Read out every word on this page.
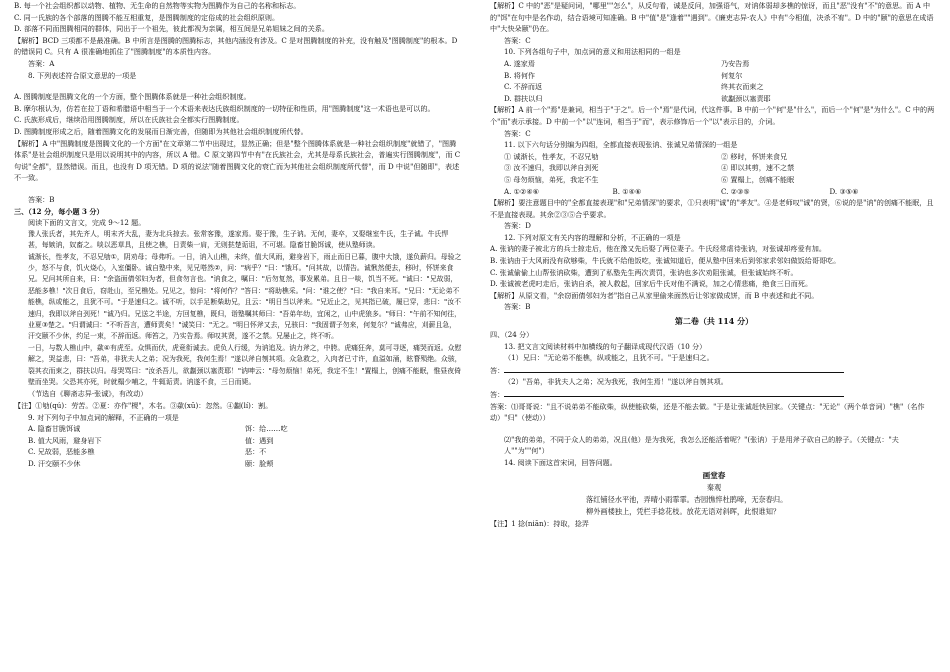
B. 每一个社会组织都以动物、植物、无生命的自然物等实物为图腾作为自己的名称和标志。

C. 同一氏族的各个部落的图腾不能互相重复，是图腾制度的定俗成的社会组织原则。

D. 部落不同而图腾相同的群体，同出于一个祖先，彼此都视为亲属，相互间是兄弟姐妹之间的关系。

【解析】BCD 三项都不是最准确。B 中所言是图腾的图腾标志，其他内涵没有涉及。C 是对图腾制度的补充，没有触及"图腾制度"的根本。D 的错误同 C。只有 A 很准确地抓住了"图腾制度"的本质性内容。

答案：A

8. 下列表述符合原文意思的一项是

A. 图腾制度是图腾文化的一个方面，整个图腾体系就是一种社会组织制度。

B. 摩尔根认为，仿若在拉丁语和希腊语中相当于一个术语来表达氏族组织制度的一切特征和性质，用"图腾制度"这一术语也是可以的。

C. 氏族形成后，继续沿用图腾制度，所以在氏族社会全都实行图腾制度。

D. 图腾制度形成之后，随着图腾文化的发展而日渐完善，但随即为其他社会组织制度所代替。

【解析】A 中"图腾制度是图腾文化的一个方面"在文章第二节中出现过，显然正确；但是"整个图腾体系就是一种社会组织制度"就错了，"图腾体系"是社会组织制度只是用以说明其中的内容，所以 A 错。C 原文第四节中有"在氏族社会，尤其是母系氏族社会，普遍实行图腾制度"，而 C 句说"全都"，显然错误。而且，也没有 D 项无错。D 项的说法"随着图腾文化的衰亡而为其他社会组织制度所代替"，而 D 中说"但随即"，表述不一致。

答案：B

三、（12 分，每小题 3 分）

阅读下面的文言文，完成 9～12 题。

豫人张氏者，其先齐人，明末齐大乱，妻为北兵掠去。张常客豫，遂家焉。娶于豫，生子讷。无何，妻卒，又娶继室牛氏，生子诚。牛氏悍甚，每嫉讷，奴畜之。啖以恶草具，且使之樵，日责柴一肩，无则挞楚诟诅，不可堪。隐畜甘脆饵诚，使从塾师读。

诚渐长，性孝友，不忍兄劬①，阴劝母；母弗听。一日，讷入山樵，未终，值大风雨，避身岩下，雨止而日已暮，腹中大饿，遂负薪归。母验之少，怒不与食，饥火烧心，入室僵卧。诚自塾中来，见兄嗒然②，问："病乎？"曰："饿耳。"问其故，以情告。诚愀然便去，移时，怀饼来食兄。兄问其所自来，曰："余盗面倩邻妇为者，但食勿言也。"讷食之，嘱曰："后勿复然，事发累弟。且日一啖，饥当不死。"诚曰："兄故弱，恶能多樵！"次日食后，窃赴山，至兄樵处。兄见之，惊问："将何作？"答曰："将助樵采。"问："谁之使？"曰："我自来耳。"兄曰："无论弟不能樵，纵或能之，且犹不可。"于是速归之。诚不听，以手足断柴助兄，且云："明日当以斧来。"兄近止之，见其指已破，履已穿，悲曰："汝不速归，我即以斧自刭死！"诚乃归。兄送之半途，方回复樵，既归，诣塾嘱其师曰："吾弟年幼，宜闲之，山中虎狼多。"师曰："午前不知何往，业夏③楚之。"归谓诚曰："不听吾言，遭师责矣！"诚笑曰："无之。"明日怀斧又去，兄骇曰："我固谓子勿来，何复尔？"诚弗应，刈薪且急，汗交颐不少休，约足一束，不辞而返。师笞之，乃实告焉。师叹其贤，遂不之禁。兄屡止之，终不听。

一日，与数人樵山中，歘④有虎至。众惧而伏，虎竟衔诚去。虎负人行缓，为讷追及。讷力斧之，中胯。虎痛狂奔，莫可寻逐，痛哭而返。众慰解之，哭益悲，曰："吾弟，非犹夫人之弟；况为我死，我何生焉！"遂以斧自刎其项。众急救之，入肉者已寸许，血溢如涌，眩瞀殒绝。众骇，裂其衣而束之，群扶以归。母哭骂曰："汝杀吾儿，欲劙颈以塞责耶！"讷呻云："母勿烦恼！弟死，我定不生！"置榻上，创痛不能眠，惟昼夜倚壁而坐哭。父恐其亦死，时就榻少哺之，牛辄诟责。讷遂不食，三日而毙。

（节选自《聊斋志异·张诚》，有改动）

【注】①劬(qú)：劳苦。②夏：亦作"榎"，木名。③歘(xū)：忽然。④劙(lí)：割。

9. 对下列句子中加点词的解释，不正确的一项是

A. 隐畜甘脆饵诚	饵：给……吃
B. 值大风雨，避身岩下	值：遇到
C. 兄故弱，恶能多樵	恶：不
D. 汗交颐不少休	颐：脸颊

【解析】C 中的"恶"是疑问词，"哪里""怎么"，从反句看，诚是反问，加强语气，对讷体弱却多樵的惊讶，而且"恶"没有"不"的意思。而 A 中的"饵"在句中是名作动，结合语境可知准确。B 中"值"是"逢着""遇到"。《廉吏志异·农人》中有"今相值，决杀不宥"。D 中的"颐"的意思在成语中"大快朵颐"仍在。

答案：C

10. 下列各组句子中，加点词的意义和用法相同的一组是

A. 遂家焉	乃安告焉
B. 将何作	何复尔
C. 不辞而返	终其衣而束之
D. 群扶以归	欲劙颈以塞责耶

【解析】A 前一个"焉"是兼词，相当于"于之"。后一个"焉"是代词，代这件事。B 中前一个"何"是"什么"，而后一个"何"是"为什么"。C 中的两个"而"表示承接。D 中前一个"以"连词，相当于"而"，表示修饰后一个"以"表示目的，介词。

答案：C

11. 以下六句话分别编为四组，全都直接表现张讷、张诚兄弟情深的一组是

① 诚渐长，性孝友，不忍兄劬	② 移时，怀饼来食兄
③ 汝不速归，我即以斧自刭死	④ 即以其剪，速不之禁
⑤ 母勿烦恼，弟死，我定不生	⑥ 置榻上，创痛不能眠
A. ①②④⑥	B. ①④⑥	C. ②③⑤	D. ③⑤⑥

【解析】要注意题目中的"全都直接表现"和"兄弟情深"的要求，①只表明"诚"的"孝友"。④是老师叹"诚"的贤，⑥说的是"讷"的创痛不能眠，且不是直接表现。其余②③⑤合乎要求。

答案：D

12. 下列对原文有关内容的理解和分析，不正确的一项是

A. 张讷的妻子被北方的兵士掠走后，他在豫又先后娶了两位妻子。牛氏经常虐待张讷，对张诚却疼爱有加。

B. 张讷由于大风雨没有砍够柴，牛氏就不给他饭吃，张诚知道后，便从塾中回来后到邻家求邻妇做饭给哥哥吃。

C. 张诚偷偷上山帮张讷砍柴，遭到了私塾先生两次责罚，张讷也多次劝阻张诚，但张诚始终不听。

D. 张诚被老虎叼走后，张讷自杀，被人救起，回家后牛氏对他不满说，加之心情悲痛，绝食三日而死。

【解析】从原文看，"余窃面倩邻妇为者"指自己从家里偷来面然后让邻家做成饼，而 B 中表述和此不同。

答案：B

第二卷（共 114 分）

四、（24 分）

13. 把文言文阅读材料中加横线的句子翻译成现代汉语（10 分）

（1）兄曰："无论弟不能樵，纵或能之，且犹不可。"于是速归之。

答：

（2）"吾弟，非犹夫人之弟；况为我死，我何生焉！"遂以斧自刎其项。

答：

答案：⑴哥哥说："且不说弟弟不能砍柴，纵使能砍柴，还是不能去做。"于是让张诚赶快回家。（关键点："无论"（两个单音词）"樵"（名作动）"归"（使动））

⑵"我的弟弟，不同于众人的弟弟，况且(他）是为我死，我怎么还能活着呢？"(张讷）于是用斧子砍自己的脖子。（关键点："夫人""为""何"）

14. 阅读下面这首宋词，回答问题。

画堂春

秦观

落红铺径水平池，弄晴小雨霏霏。杏园憔悴杜鹃啼，无奈春归。

柳外画楼独上，凭栏手捻花枝。放花无语对斜晖，此恨谁知？

【注】1 捻(niān)：持取，捻弄
